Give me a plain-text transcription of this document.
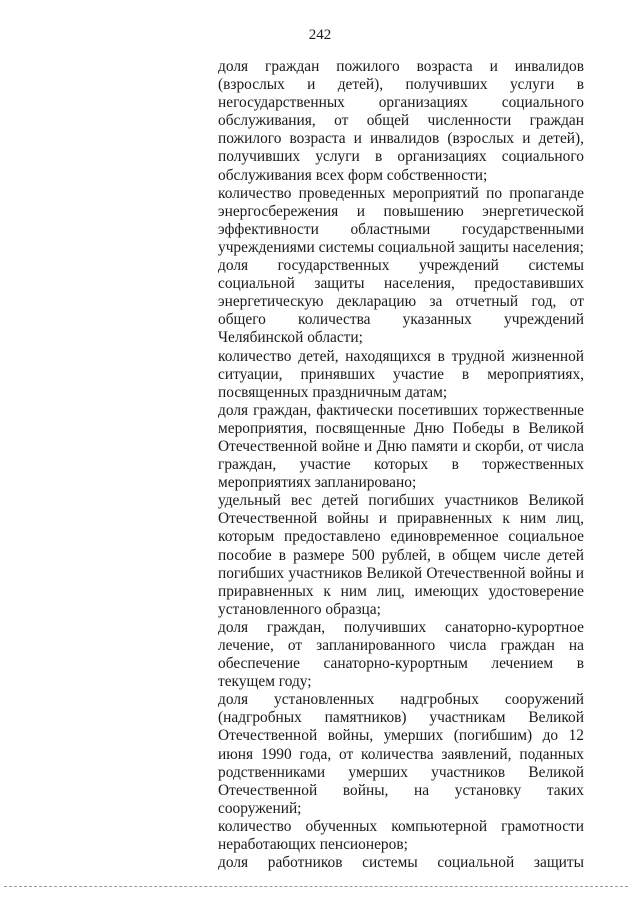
242

доля граждан пожилого возраста и инвалидов (взрослых и детей), получивших услуги в негосударственных организациях социального обслуживания, от общей численности граждан пожилого возраста и инвалидов (взрослых и детей), получивших услуги в организациях социального обслуживания всех форм собственности;

количество проведенных мероприятий по пропаганде энергосбережения и повышению энергетической эффективности областными государственными учреждениями системы социальной защиты населения;

доля государственных учреждений системы социальной защиты населения, предоставивших энергетическую декларацию за отчетный год, от общего количества указанных учреждений Челябинской области;

количество детей, находящихся в трудной жизненной ситуации, принявших участие в мероприятиях, посвященных праздничным датам;

доля граждан, фактически посетивших торжественные мероприятия, посвященные Дню Победы в Великой Отечественной войне и Дню памяти и скорби, от числа граждан, участие которых в торжественных мероприятиях запланировано;

удельный вес детей погибших участников Великой Отечественной войны и приравненных к ним лиц, которым предоставлено единовременное социальное пособие в размере 500 рублей, в общем числе детей погибших участников Великой Отечественной войны и приравненных к ним лиц, имеющих удостоверение установленного образца;

доля граждан, получивших санаторно-курортное лечение, от запланированного числа граждан на обеспечение санаторно-курортным лечением в текущем году;

доля установленных надгробных сооружений (надгробных памятников) участникам Великой Отечественной войны, умерших (погибшим) до 12 июня 1990 года, от количества заявлений, поданных родственниками умерших участников Великой Отечественной войны, на установку таких сооружений;

количество обученных компьютерной грамотности неработающих пенсионеров;

доля работников системы социальной защиты
